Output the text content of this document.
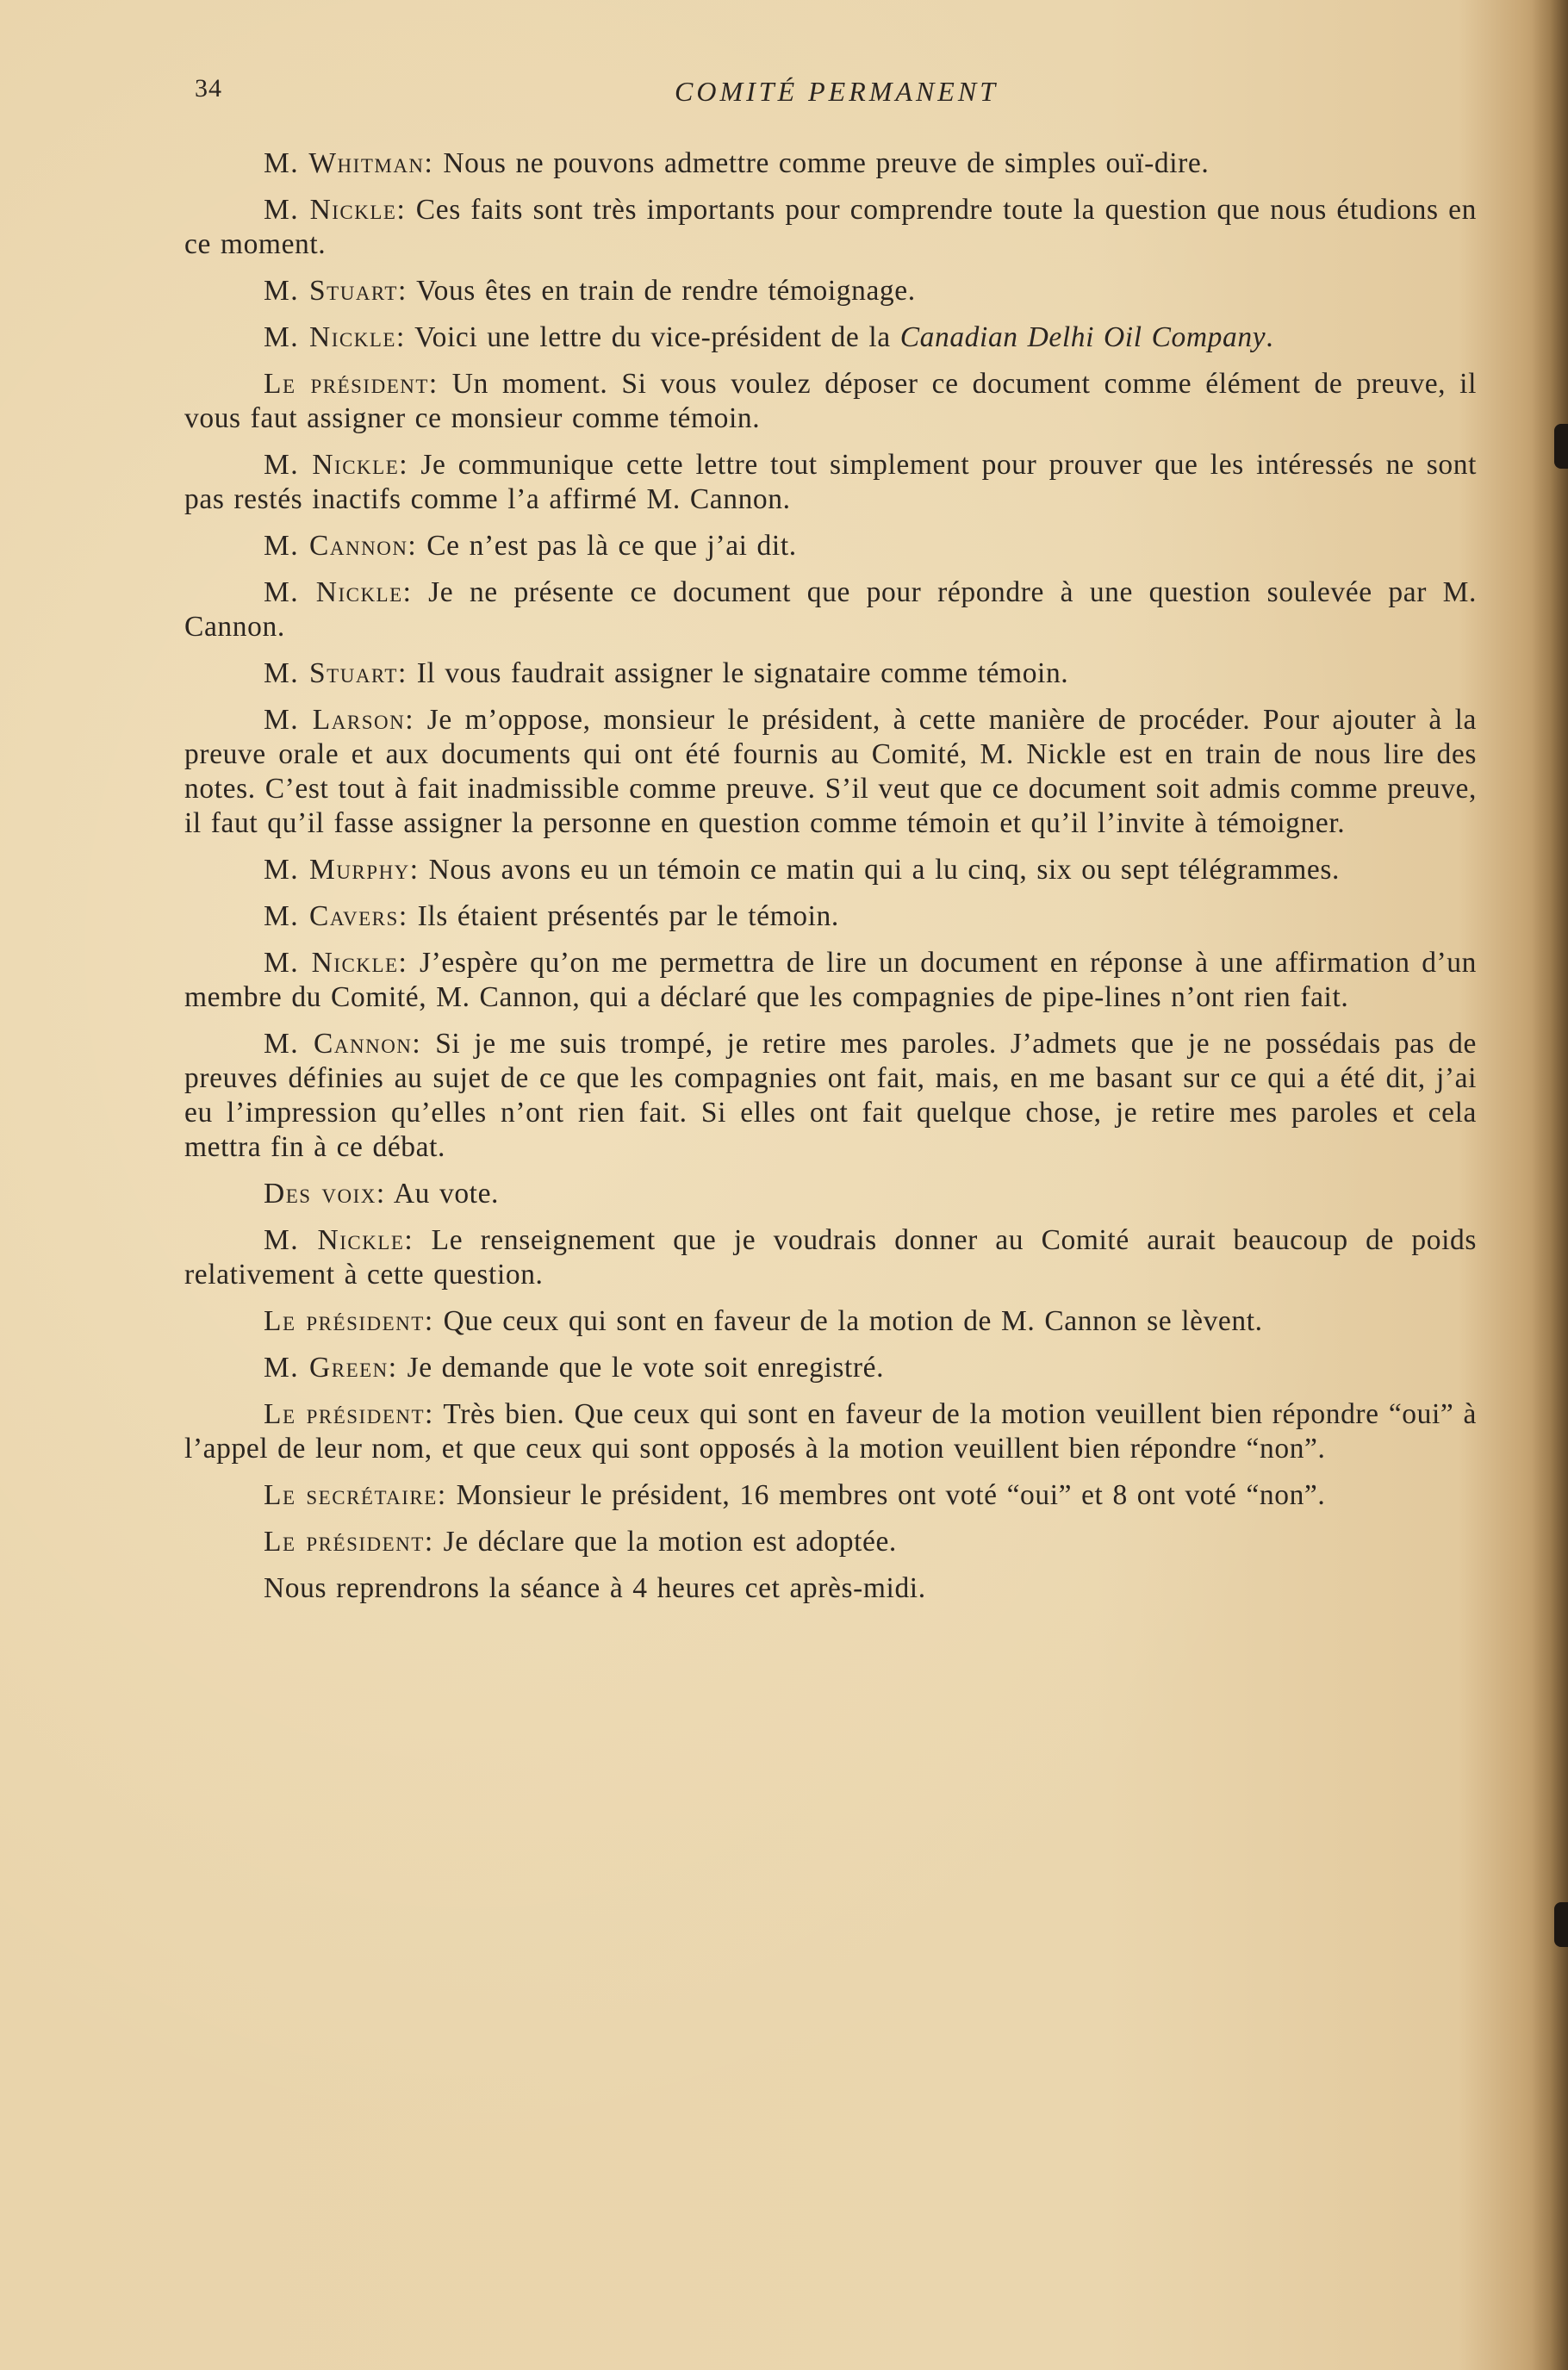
34	COMITÉ PERMANENT

M. Whitman: Nous ne pouvons admettre comme preuve de simples ouï-dire.

M. Nickle: Ces faits sont très importants pour comprendre toute la question que nous étudions en ce moment.

M. Stuart: Vous êtes en train de rendre témoignage.

M. Nickle: Voici une lettre du vice-président de la Canadian Delhi Oil Company.

Le président: Un moment. Si vous voulez déposer ce document comme élément de preuve, il vous faut assigner ce monsieur comme témoin.

M. Nickle: Je communique cette lettre tout simplement pour prouver que les intéressés ne sont pas restés inactifs comme l’a affirmé M. Cannon.

M. Cannon: Ce n’est pas là ce que j’ai dit.

M. Nickle: Je ne présente ce document que pour répondre à une question soulevée par M. Cannon.

M. Stuart: Il vous faudrait assigner le signataire comme témoin.

M. Larson: Je m’oppose, monsieur le président, à cette manière de procéder. Pour ajouter à la preuve orale et aux documents qui ont été fournis au Comité, M. Nickle est en train de nous lire des notes. C’est tout à fait inadmissible comme preuve. S’il veut que ce document soit admis comme preuve, il faut qu’il fasse assigner la personne en question comme témoin et qu’il l’invite à témoigner.

M. Murphy: Nous avons eu un témoin ce matin qui a lu cinq, six ou sept télégrammes.

M. Cavers: Ils étaient présentés par le témoin.

M. Nickle: J’espère qu’on me permettra de lire un document en réponse à une affirmation d’un membre du Comité, M. Cannon, qui a déclaré que les compagnies de pipe-lines n’ont rien fait.

M. Cannon: Si je me suis trompé, je retire mes paroles. J’admets que je ne possédais pas de preuves définies au sujet de ce que les compagnies ont fait, mais, en me basant sur ce qui a été dit, j’ai eu l’impression qu’elles n’ont rien fait. Si elles ont fait quelque chose, je retire mes paroles et cela mettra fin à ce débat.

Des voix: Au vote.

M. Nickle: Le renseignement que je voudrais donner au Comité aurait beaucoup de poids relativement à cette question.

Le président: Que ceux qui sont en faveur de la motion de M. Cannon se lèvent.

M. Green: Je demande que le vote soit enregistré.

Le président: Très bien. Que ceux qui sont en faveur de la motion veuillent bien répondre “oui” à l’appel de leur nom, et que ceux qui sont opposés à la motion veuillent bien répondre “non”.

Le secrétaire: Monsieur le président, 16 membres ont voté “oui” et 8 ont voté “non”.

Le président: Je déclare que la motion est adoptée.

Nous reprendrons la séance à 4 heures cet après-midi.
